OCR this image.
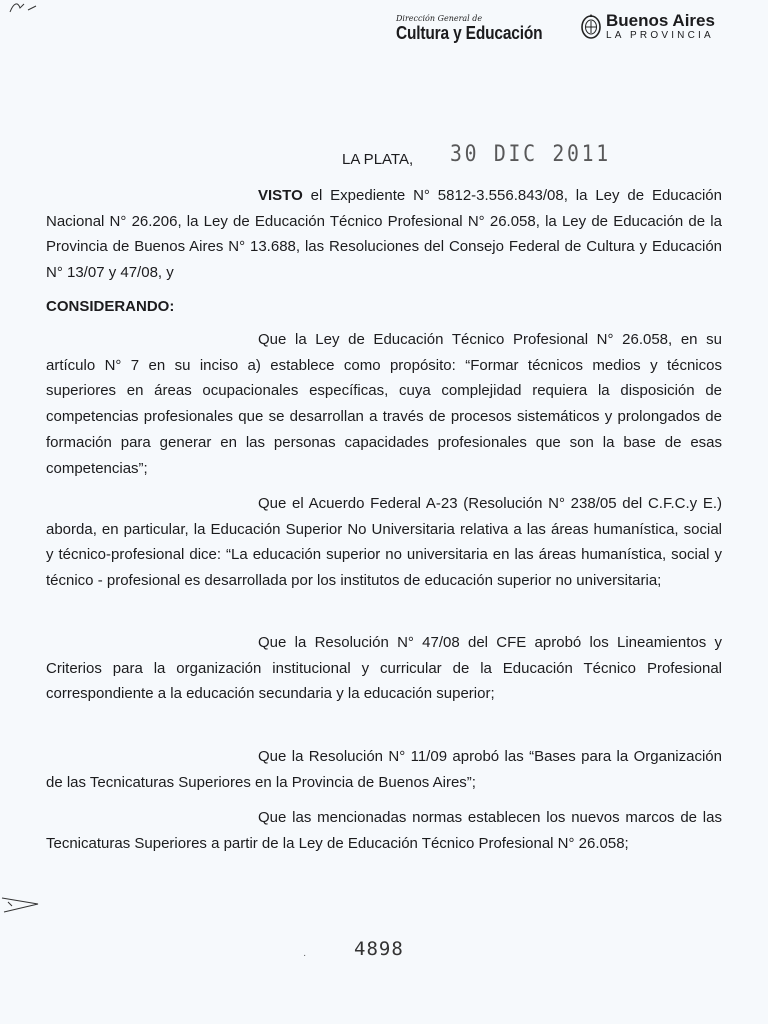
Dirección General de
Cultura y Educación
Buenos Aires
LA PROVINCIA
LA PLATA, 30 DIC 2011
VISTO el Expediente N° 5812-3.556.843/08, la Ley de Educación Nacional N° 26.206, la Ley de Educación Técnico Profesional N° 26.058, la Ley de Educación de la Provincia de Buenos Aires N° 13.688, las Resoluciones del Consejo Federal de Cultura y Educación N° 13/07 y 47/08, y
CONSIDERANDO:
Que la Ley de Educación Técnico Profesional N° 26.058, en su artículo N° 7 en su inciso a) establece como propósito: “Formar técnicos medios y técnicos superiores en áreas ocupacionales específicas, cuya complejidad requiera la disposición de competencias profesionales que se desarrollan a través de procesos sistemáticos y prolongados de formación para generar en las personas capacidades profesionales que son la base de esas competencias”;
Que el Acuerdo Federal A-23 (Resolución N° 238/05 del C.F.C.y E.) aborda, en particular, la Educación Superior No Universitaria relativa a las áreas humanística, social y técnico-profesional dice: “La educación superior no universitaria en las áreas humanística, social y técnico - profesional es desarrollada por los institutos de educación superior no universitaria;
Que la Resolución N° 47/08 del CFE aprobó los Lineamientos y Criterios para la organización institucional y curricular de la Educación Técnico Profesional correspondiente a la educación secundaria y la educación superior;
Que la Resolución N° 11/09 aprobó las “Bases para la Organización de las Tecnicaturas Superiores en la Provincia de Buenos Aires”;
Que las mencionadas normas establecen los nuevos marcos de las Tecnicaturas Superiores a partir de la Ley de Educación Técnico Profesional N° 26.058;
·	4898
